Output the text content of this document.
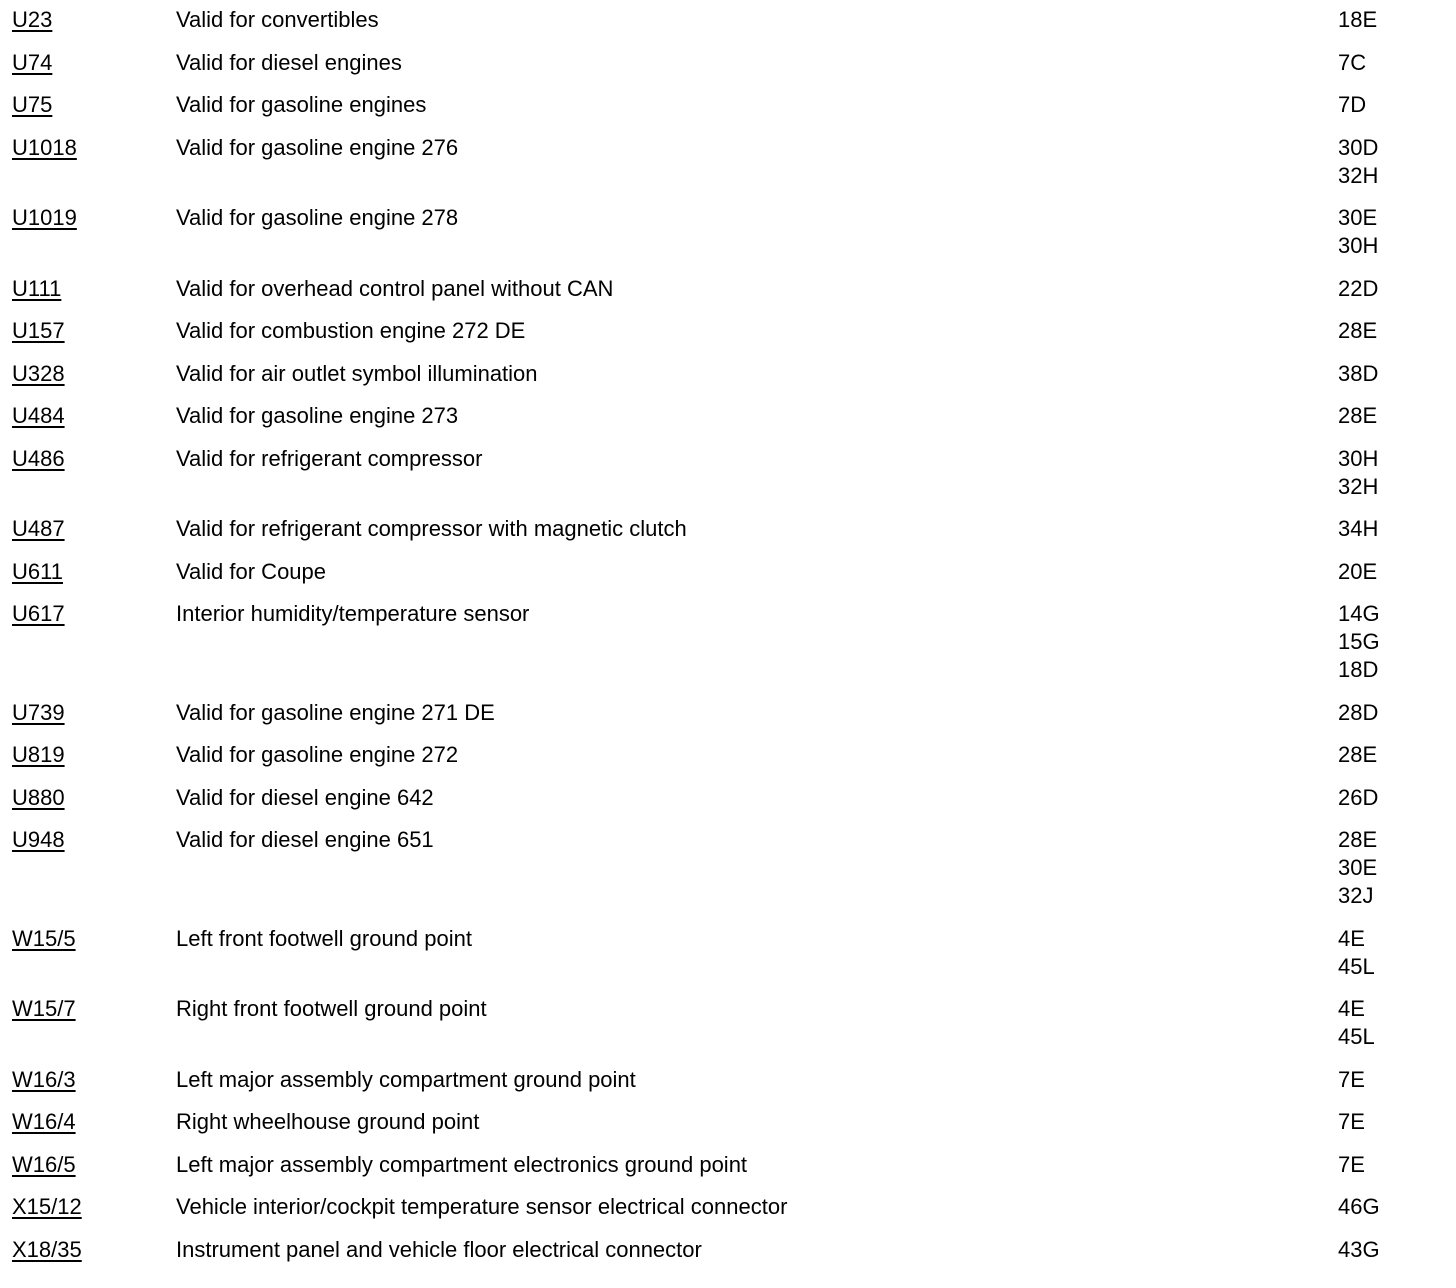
U23	Valid for convertibles	18E
U74	Valid for diesel engines	7C
U75	Valid for gasoline engines	7D
U1018	Valid for gasoline engine 276	30D
32H
U1019	Valid for gasoline engine 278	30E
30H
U111	Valid for overhead control panel without CAN	22D
U157	Valid for combustion engine 272 DE	28E
U328	Valid for air outlet symbol illumination	38D
U484	Valid for gasoline engine 273	28E
U486	Valid for refrigerant compressor	30H
32H
U487	Valid for refrigerant compressor with magnetic clutch	34H
U611	Valid for Coupe	20E
U617	Interior humidity/temperature sensor	14G
15G
18D
U739	Valid for gasoline engine 271 DE	28D
U819	Valid for gasoline engine 272	28E
U880	Valid for diesel engine 642	26D
U948	Valid for diesel engine 651	28E
30E
32J
W15/5	Left front footwell ground point	4E
45L
W15/7	Right front footwell ground point	4E
45L
W16/3	Left major assembly compartment ground point	7E
W16/4	Right wheelhouse ground point	7E
W16/5	Left major assembly compartment electronics ground point	7E
X15/12	Vehicle interior/cockpit temperature sensor electrical connector	46G
X18/35	Instrument panel and vehicle floor electrical connector	43G
